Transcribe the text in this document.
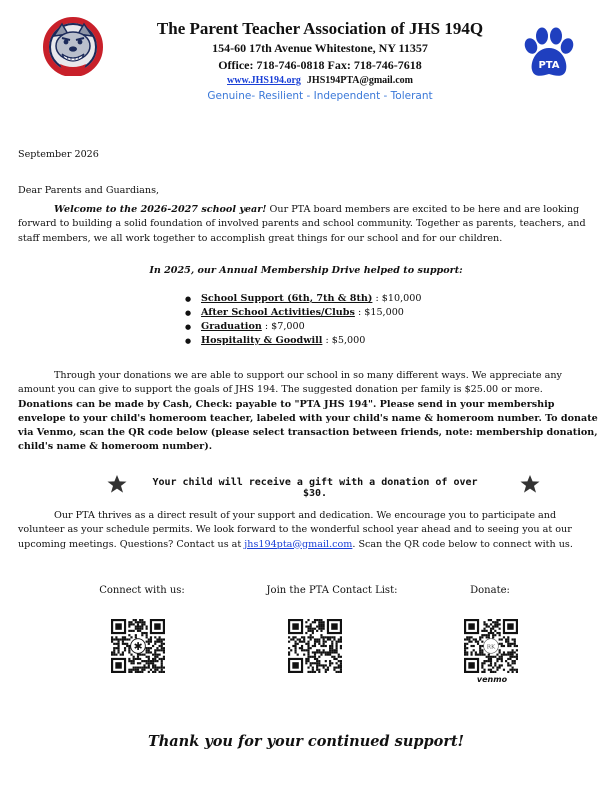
The Parent Teacher Association of JHS 194Q
154-60 17th Avenue Whitestone, NY 11357
Office: 718-746-0818 Fax: 718-746-7618
www.JHS194.org JHS194PTA@gmail.com
Genuine- Resilient - Independent - Tolerant
PTA
September 2026
Dear Parents and Guardians,
Welcome to the 2026-2027 school year! Our PTA board members are excited to be here and are looking forward to building a solid foundation of involved parents and school community. Together as parents, teachers, and staff members, we all work together to accomplish great things for our school and for our children.
In 2025, our Annual Membership Drive helped to support:
● School Support (6th, 7th & 8th) : $10,000
● After School Activities/Clubs : $15,000
● Graduation : $7,000
● Hospitality & Goodwill : $5,000
Through your donations we are able to support our school in so many different ways. We appreciate any amount you can give to support the goals of JHS 194. The suggested donation per family is $25.00 or more. Donations can be made by Cash, Check: payable to "PTA JHS 194". Please send in your membership envelope to your child's homeroom teacher, labeled with your child's name & homeroom number. To donate via Venmo, scan the QR code below (please select transaction between friends, note: membership donation, child's name & homeroom number).
Your child will receive a gift with a donation of over $30.
Our PTA thrives as a direct result of your support and dedication. We encourage you to participate and volunteer as your schedule permits. We look forward to the wonderful school year ahead and to seeing you at our upcoming meetings. Questions? Contact us at jhs194pta@gmail.com. Scan the QR code below to connect with us.
Connect with us:	Join the PTA Contact List:	Donate:
✱	RK
venmo
Thank you for your continued support!
